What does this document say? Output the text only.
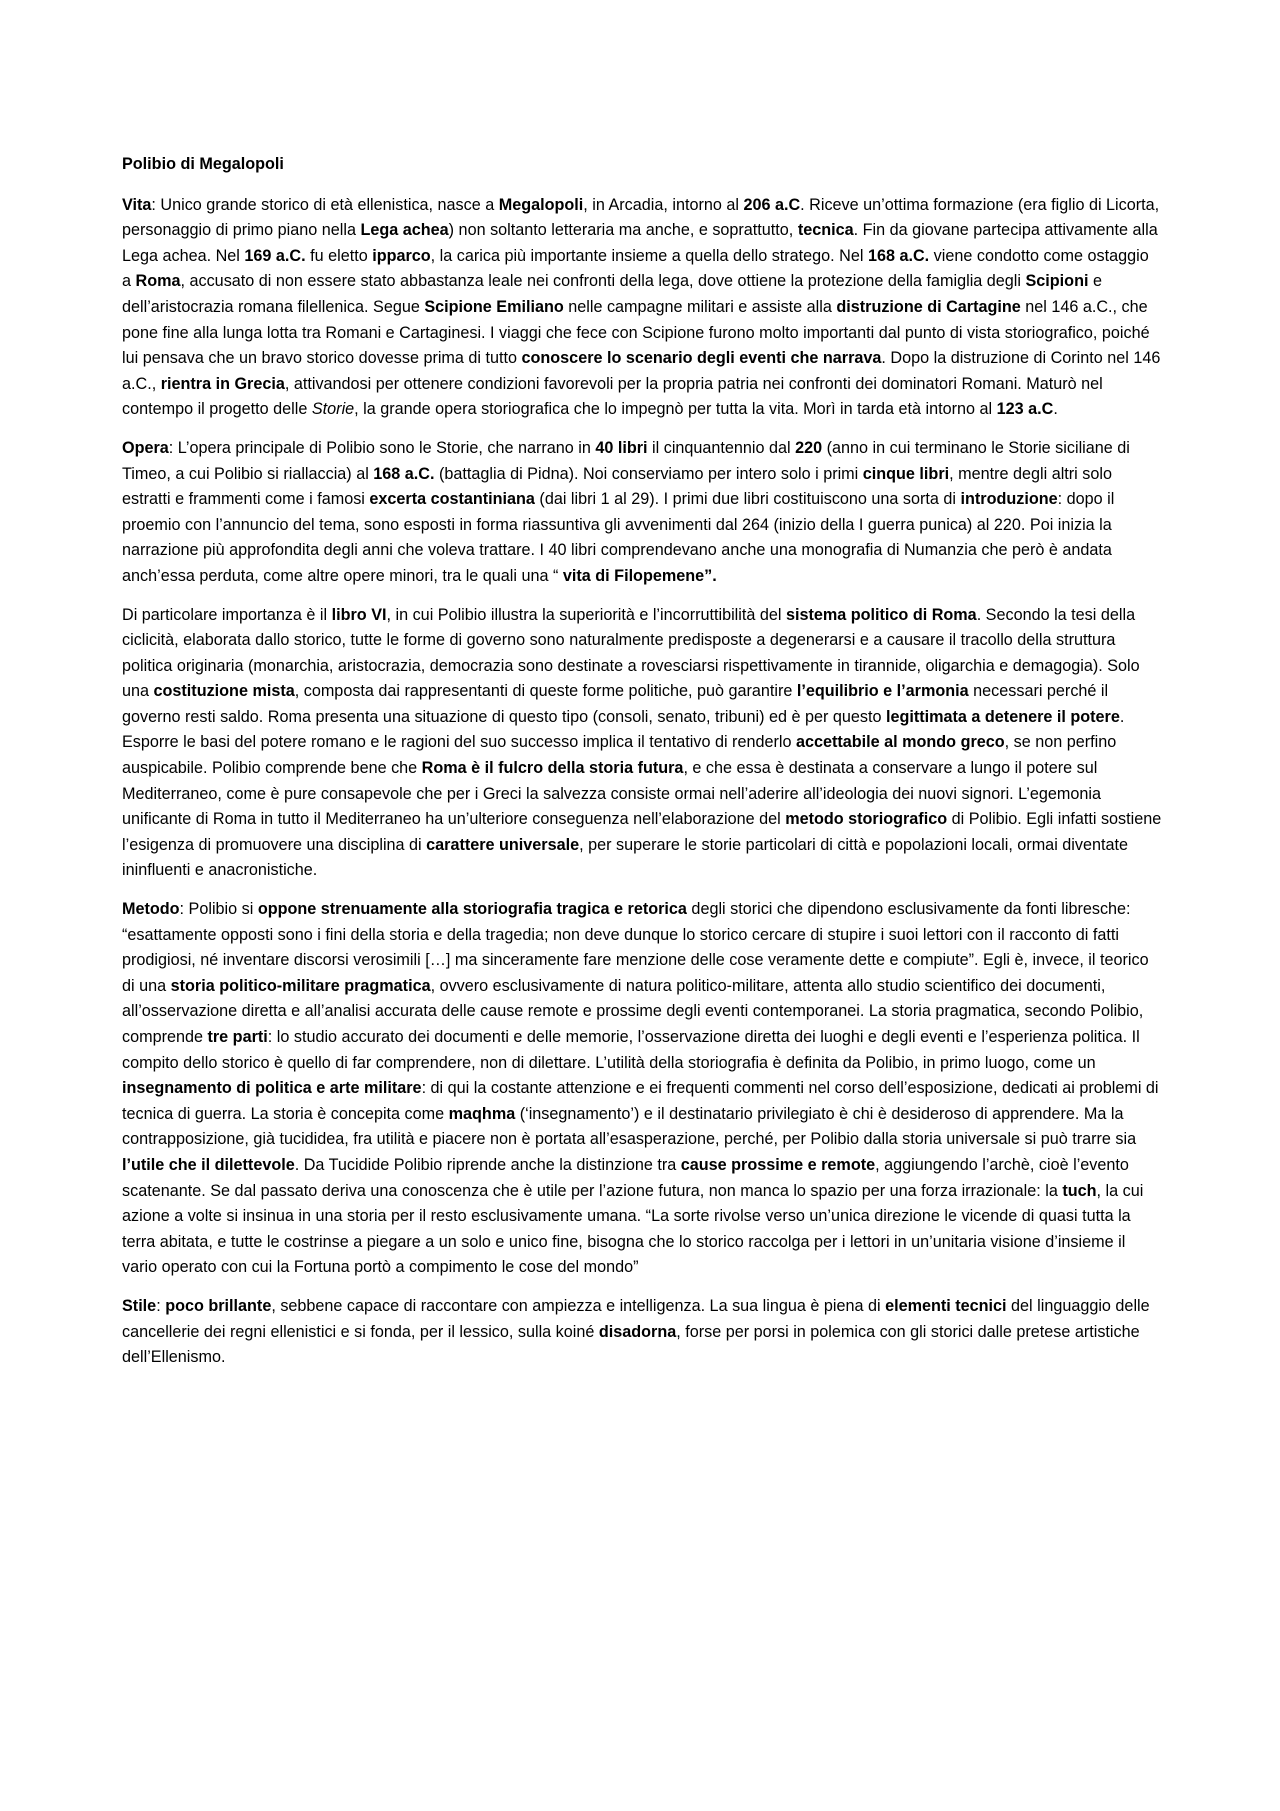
Polibio di Megalopoli

Vita: Unico grande storico di età ellenistica, nasce a Megalopoli, in Arcadia, intorno al 206 a.C. Riceve un’ottima formazione (era figlio di Licorta, personaggio di primo piano nella Lega achea) non soltanto letteraria ma anche, e soprattutto, tecnica. Fin da giovane partecipa attivamente alla Lega achea. Nel 169 a.C. fu eletto ipparco, la carica più importante insieme a quella dello stratego. Nel 168 a.C. viene condotto come ostaggio a Roma, accusato di non essere stato abbastanza leale nei confronti della lega, dove ottiene la protezione della famiglia degli Scipioni e dell’aristocrazia romana filellenica. Segue Scipione Emiliano nelle campagne militari e assiste alla distruzione di Cartagine nel 146 a.C., che pone fine alla lunga lotta tra Romani e Cartaginesi. I viaggi che fece con Scipione furono molto importanti dal punto di vista storiografico, poiché lui pensava che un bravo storico dovesse prima di tutto conoscere lo scenario degli eventi che narrava. Dopo la distruzione di Corinto nel 146 a.C., rientra in Grecia, attivandosi per ottenere condizioni favorevoli per la propria patria nei confronti dei dominatori Romani. Maturò nel contempo il progetto delle Storie, la grande opera storiografica che lo impegnò per tutta la vita. Morì in tarda età intorno al 123 a.C.

Opera: L’opera principale di Polibio sono le Storie, che narrano in 40 libri il cinquantennio dal 220 (anno in cui terminano le Storie siciliane di Timeo, a cui Polibio si riallaccia) al 168 a.C. (battaglia di Pidna). Noi conserviamo per intero solo i primi cinque libri, mentre degli altri solo estratti e frammenti come i famosi excerta costantiniana (dai libri 1 al 29). I primi due libri costituiscono una sorta di introduzione: dopo il proemio con l’annuncio del tema, sono esposti in forma riassuntiva gli avvenimenti dal 264 (inizio della I guerra punica) al 220. Poi inizia la narrazione più approfondita degli anni che voleva trattare. I 40 libri comprendevano anche una monografia di Numanzia che però è andata anch’essa perduta, come altre opere minori, tra le quali una “ vita di Filopemene”.

Di particolare importanza è il libro VI, in cui Polibio illustra la superiorità e l’incorruttibilità del sistema politico di Roma. Secondo la tesi della ciclicità, elaborata dallo storico, tutte le forme di governo sono naturalmente predisposte a degenerarsi e a causare il tracollo della struttura politica originaria (monarchia, aristocrazia, democrazia sono destinate a rovesciarsi rispettivamente in tirannide, oligarchia e demagogia). Solo una costituzione mista, composta dai rappresentanti di queste forme politiche, può garantire l’equilibrio e l’armonia necessari perché il governo resti saldo. Roma presenta una situazione di questo tipo (consoli, senato, tribuni) ed è per questo legittimata a detenere il potere. Esporre le basi del potere romano e le ragioni del suo successo implica il tentativo di renderlo accettabile al mondo greco, se non perfino auspicabile. Polibio comprende bene che Roma è il fulcro della storia futura, e che essa è destinata a conservare a lungo il potere sul Mediterraneo, come è pure consapevole che per i Greci la salvezza consiste ormai nell’aderire all’ideologia dei nuovi signori. L’egemonia unificante di Roma in tutto il Mediterraneo ha un’ulteriore conseguenza nell’elaborazione del metodo storiografico di Polibio. Egli infatti sostiene l’esigenza di promuovere una disciplina di carattere universale, per superare le storie particolari di città e popolazioni locali, ormai diventate ininfluenti e anacronistiche.

Metodo: Polibio si oppone strenuamente alla storiografia tragica e retorica degli storici che dipendono esclusivamente da fonti libresche: “esattamente opposti sono i fini della storia e della tragedia; non deve dunque lo storico cercare di stupire i suoi lettori con il racconto di fatti prodigiosi, né inventare discorsi verosimili […] ma sinceramente fare menzione delle cose veramente dette e compiute”. Egli è, invece, il teorico di una storia politico-militare pragmatica, ovvero esclusivamente di natura politico-militare, attenta allo studio scientifico dei documenti, all’osservazione diretta e all’analisi accurata delle cause remote e prossime degli eventi contemporanei. La storia pragmatica, secondo Polibio, comprende tre parti: lo studio accurato dei documenti e delle memorie, l’osservazione diretta dei luoghi e degli eventi e l’esperienza politica. Il compito dello storico è quello di far comprendere, non di dilettare. L’utilità della storiografia è definita da Polibio, in primo luogo, come un insegnamento di politica e arte militare: di qui la costante attenzione e ei frequenti commenti nel corso dell’esposizione, dedicati ai problemi di tecnica di guerra. La storia è concepita come maqhma (‘insegnamento’) e il destinatario privilegiato è chi è desideroso di apprendere. Ma la contrapposizione, già tucididea, fra utilità e piacere non è portata all’esasperazione, perché, per Polibio dalla storia universale si può trarre sia l’utile che il dilettevole. Da Tucidide Polibio riprende anche la distinzione tra cause prossime e remote, aggiungendo l’archè, cioè l’evento scatenante. Se dal passato deriva una conoscenza che è utile per l’azione futura, non manca lo spazio per una forza irrazionale: la tuch, la cui azione a volte si insinua in una storia per il resto esclusivamente umana. “La sorte rivolse verso un’unica direzione le vicende di quasi tutta la terra abitata, e tutte le costrinse a piegare a un solo e unico fine, bisogna che lo storico raccolga per i lettori in un’unitaria visione d’insieme il vario operato con cui la Fortuna portò a compimento le cose del mondo”

Stile: poco brillante, sebbene capace di raccontare con ampiezza e intelligenza. La sua lingua è piena di elementi tecnici del linguaggio delle cancellerie dei regni ellenistici e si fonda, per il lessico, sulla koiné disadorna, forse per porsi in polemica con gli storici dalle pretese artistiche dell’Ellenismo.
